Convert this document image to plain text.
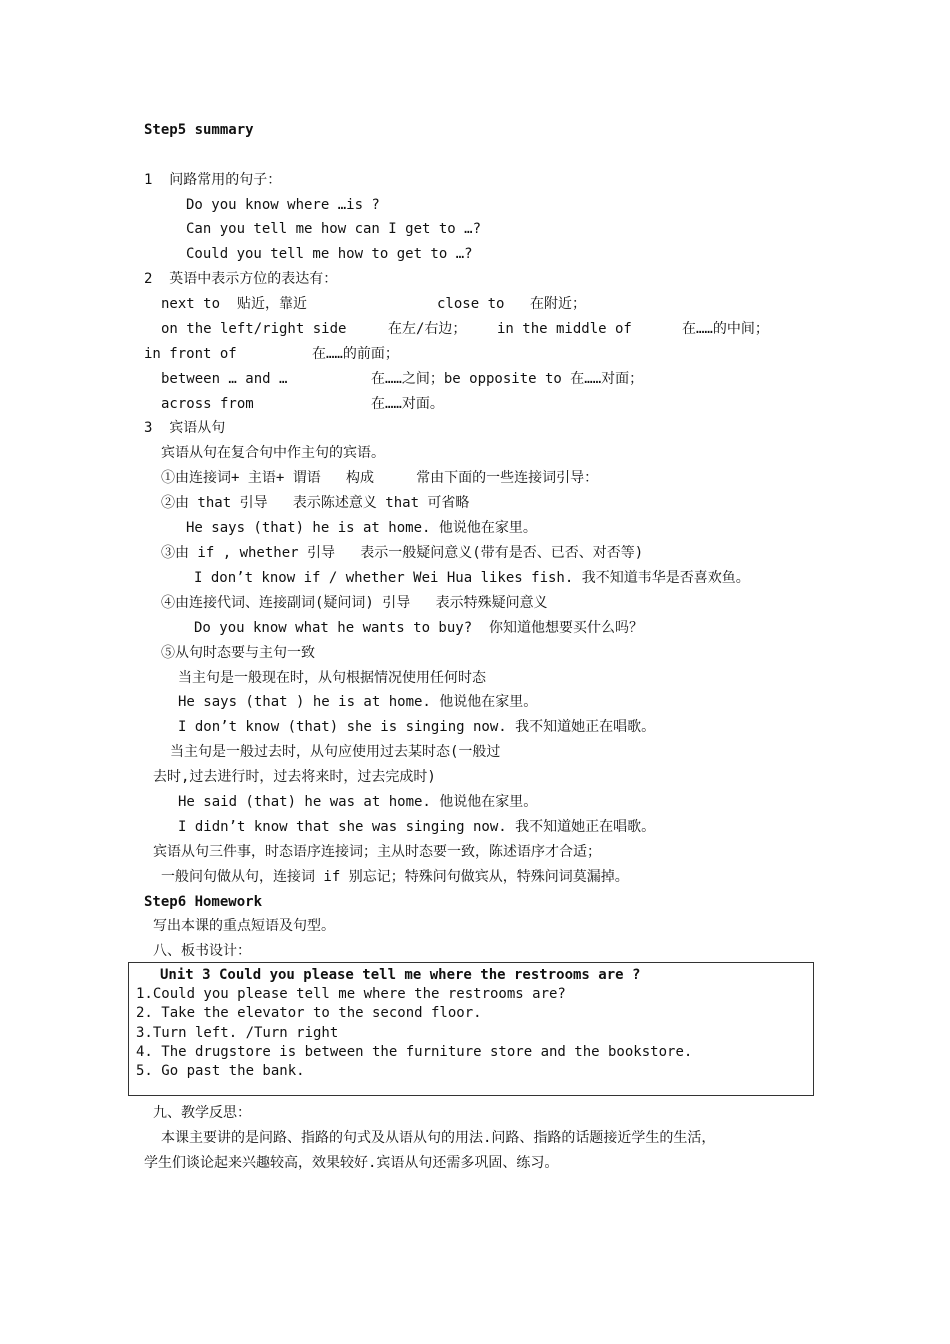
Step5 summary
1  问路常用的句子：
Do you know where …is ?
Can you tell me how can I get to …?
Could you tell me how to get to …?
2  英语中表示方位的表达有：
next to 贴近，靠近	close to 在附近；
on the left/right side	在左/右边； in the middle of	在……的中间；
in front of	在……的前面；
between … and …	在……之间；be opposite to 在……对面；
across from	在……对面。
3  宾语从句
宾语从句在复合句中作主句的宾语。
①由连接词+ 主语+ 谓语   构成     常由下面的一些连接词引导：
②由 that 引导   表示陈述意义 that 可省略
He says (that) he is at home. 他说他在家里。
③由 if , whether 引导   表示一般疑问意义(带有是否、已否、对否等)
I don’t know if / whether Wei Hua likes fish. 我不知道韦华是否喜欢鱼。
④由连接代词、连接副词(疑问词) 引导   表示特殊疑问意义
Do you know what he wants to buy?  你知道他想要买什么吗？
⑤从句时态要与主句一致
当主句是一般现在时，从句根据情况使用任何时态
He says (that ) he is at home. 他说他在家里。
I don’t know (that) she is singing now. 我不知道她正在唱歌。
当主句是一般过去时，从句应使用过去某时态(一般过
去时,过去进行时，过去将来时，过去完成时)
He said (that) he was at home. 他说他在家里。
I didn’t know that she was singing now. 我不知道她正在唱歌。
宾语从句三件事，时态语序连接词；主从时态要一致，陈述语序才合适；
一般问句做从句，连接词 if 别忘记；特殊问句做宾从，特殊问词莫漏掉。
Step6 Homework
写出本课的重点短语及句型。
八、板书设计：
Unit 3 Could you please tell me where the restrooms are ?
1.Could you please tell me where the restrooms are?
2. Take the elevator to the second floor.
3.Turn left. /Turn right
4. The drugstore is between the furniture store and the bookstore.
5. Go past the bank.
九、教学反思：
本课主要讲的是问路、指路的句式及从语从句的用法.问路、指路的话题接近学生的生活，
学生们谈论起来兴趣较高，效果较好.宾语从句还需多巩固、练习。
